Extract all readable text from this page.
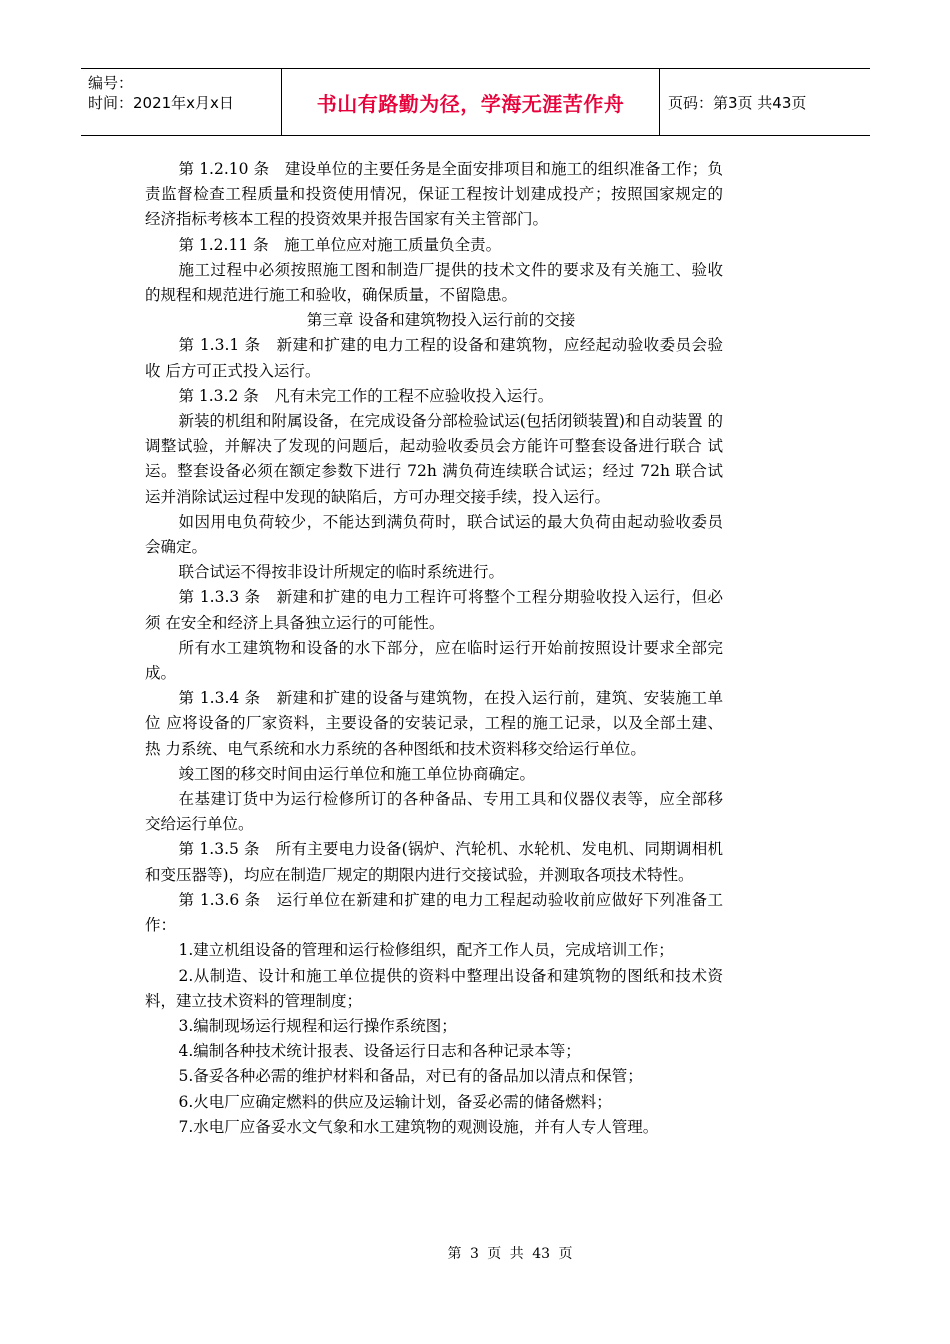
编号：
时间：2021年x月x日	书山有路勤为径，学海无涯苦作舟	页码：第3页 共43页

第 1.2.10 条　建设单位的主要任务是全面安排项目和施工的组织准备工作；负 责监督检查工程质量和投资使用情况，保证工程按计划建成投产；按照国家规定的 经济指标考核本工程的投资效果并报告国家有关主管部门。

第 1.2.11 条　施工单位应对施工质量负全责。

施工过程中必须按照施工图和制造厂提供的技术文件的要求及有关施工、验收 的规程和规范进行施工和验收，确保质量，不留隐患。

第三章 设备和建筑物投入运行前的交接

第 1.3.1 条　新建和扩建的电力工程的设备和建筑物，应经起动验收委员会验收 后方可正式投入运行。

第 1.3.2 条　凡有未完工作的工程不应验收投入运行。

新装的机组和附属设备，在完成设备分部检验试运(包括闭锁装置)和自动装置 的调整试验，并解决了发现的问题后，起动验收委员会方能许可整套设备进行联合 试运。整套设备必须在额定参数下进行 72h 满负荷连续联合试运；经过 72h 联合试 运并消除试运过程中发现的缺陷后，方可办理交接手续，投入运行。

如因用电负荷较少，不能达到满负荷时，联合试运的最大负荷由起动验收委员 会确定。

联合试运不得按非设计所规定的临时系统进行。

第 1.3.3 条　新建和扩建的电力工程许可将整个工程分期验收投入运行，但必须 在安全和经济上具备独立运行的可能性。

所有水工建筑物和设备的水下部分，应在临时运行开始前按照设计要求全部完 成。

第 1.3.4 条　新建和扩建的设备与建筑物，在投入运行前，建筑、安装施工单位 应将设备的厂家资料，主要设备的安装记录，工程的施工记录，以及全部土建、热 力系统、电气系统和水力系统的各种图纸和技术资料移交给运行单位。

竣工图的移交时间由运行单位和施工单位协商确定。

在基建订货中为运行检修所订的各种备品、专用工具和仪器仪表等，应全部移 交给运行单位。

第 1.3.5 条　所有主要电力设备(锅炉、汽轮机、水轮机、发电机、同期调相机 和变压器等)，均应在制造厂规定的期限内进行交接试验，并测取各项技术特性。

第 1.3.6 条　运行单位在新建和扩建的电力工程起动验收前应做好下列准备工 作：

1.建立机组设备的管理和运行检修组织，配齐工作人员，完成培训工作；

2.从制造、设计和施工单位提供的资料中整理出设备和建筑物的图纸和技术资 料，建立技术资料的管理制度；

3.编制现场运行规程和运行操作系统图；

4.编制各种技术统计报表、设备运行日志和各种记录本等；

5.备妥各种必需的维护材料和备品，对已有的备品加以清点和保管；

6.火电厂应确定燃料的供应及运输计划，备妥必需的储备燃料；

7.水电厂应备妥水文气象和水工建筑物的观测设施，并有人专人管理。

第 3 页 共 43 页
